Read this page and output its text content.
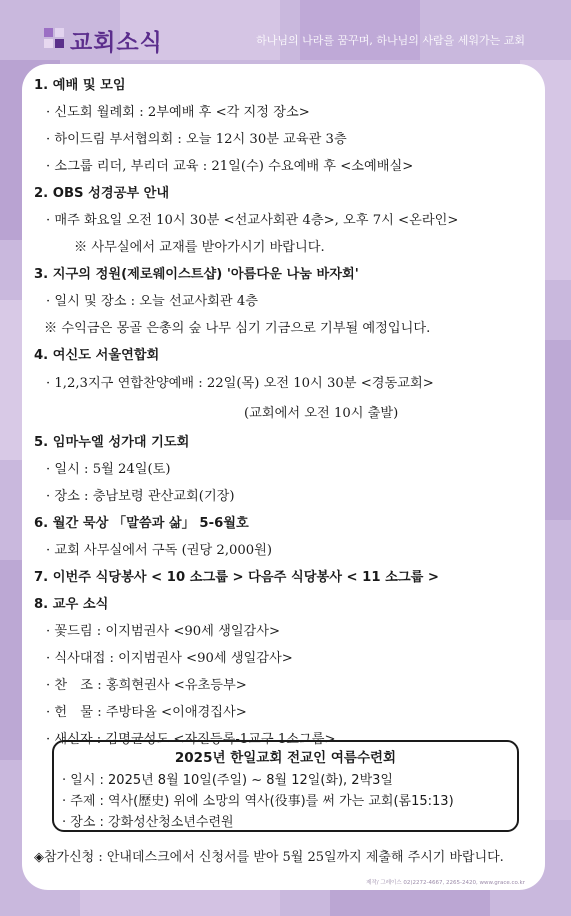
교회소식	하나님의 나라를 꿈꾸며, 하나님의 사람을 세워가는 교회
1. 예배 및 모임
· 신도회 월례회 : 2부예배 후 <각 지정 장소>
· 하이드림 부서협의회 : 오늘 12시 30분 교육관 3층
· 소그룹 리더, 부리더 교육 : 21일(수) 수요예배 후 <소예배실>
2. OBS 성경공부 안내
· 매주 화요일 오전 10시 30분 <선교사회관 4층>, 오후 7시 <온라인>
※ 사무실에서 교재를 받아가시기 바랍니다.
3. 지구의 정원(제로웨이스트샵) '아름다운 나눔 바자회'
· 일시 및 장소 : 오늘 선교사회관 4층
※ 수익금은 몽골 은총의 숲 나무 심기 기금으로 기부될 예정입니다.
4. 여신도 서울연합회
· 1,2,3지구 연합찬양예배 : 22일(목) 오전 10시 30분 <경동교회>
(교회에서 오전 10시 출발)
5. 임마누엘 성가대 기도회
· 일시 : 5월 24일(토)
· 장소 : 충남보령 관산교회(기장)
6. 월간 묵상 「말씀과 삶」 5-6월호
· 교회 사무실에서 구독 (권당 2,000원)
7. 이번주 식당봉사 < 10 소그룹 > 다음주 식당봉사 < 11 소그룹 >
8. 교우 소식
· 꽃드림 : 이지범권사 <90세 생일감사>
· 식사대접 : 이지범권사 <90세 생일감사>
· 찬　조 : 홍희현권사 <유초등부>
· 헌　물 : 주방타올 <이애경집사>
· 새신자 : 김명균성도 <자진등록-1교구 1소그룹>
2025년 한일교회 전교인 여름수련회
· 일시 : 2025년 8월 10일(주일) ~ 8월 12일(화), 2박3일
· 주제 : 역사(歷史) 위에 소망의 역사(役事)를 써 가는 교회(롬15:13)
· 장소 : 강화성산청소년수련원
◈참가신청 : 안내데스크에서 신청서를 받아 5월 25일까지 제출해 주시기 바랍니다.
제작/ 그레이스 02)2272-4667, 2265-2420, www.grace.co.kr
